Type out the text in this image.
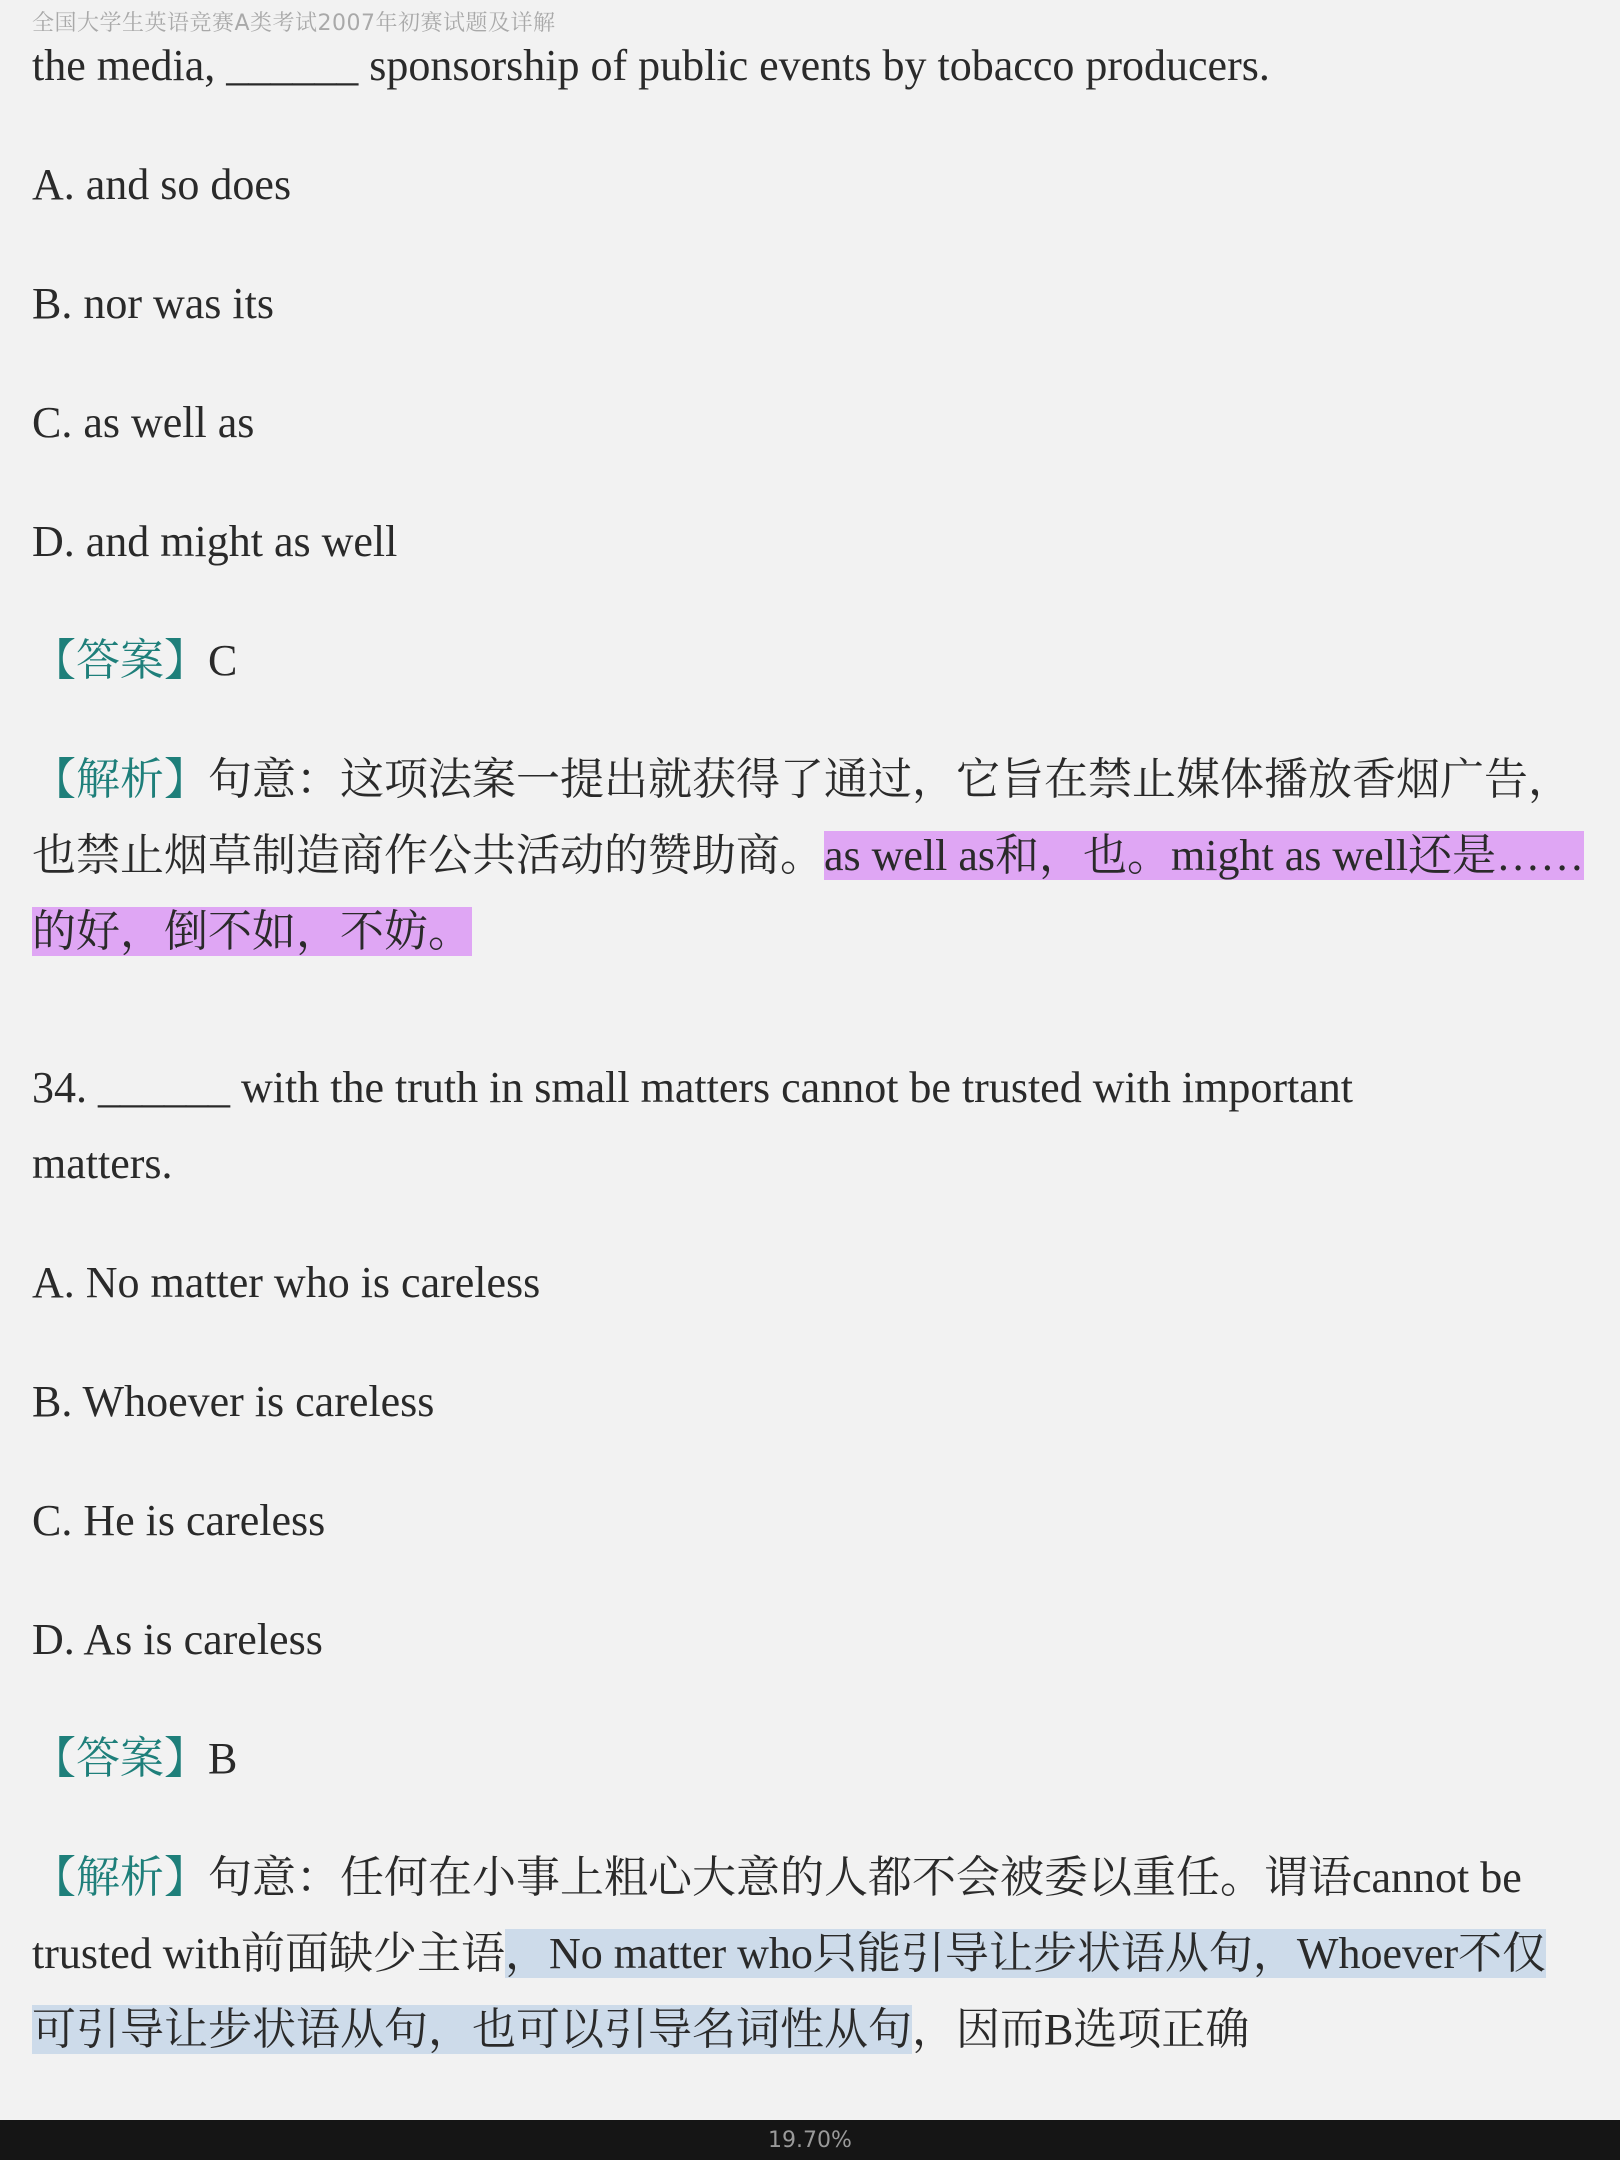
全国大学生英语竞赛A类考试2007年初赛试题及详解
the media, ______ sponsorship of public events by tobacco producers.
A. and so does
B. nor was its
C. as well as
D. and might as well
【答案】C
【解析】句意：这项法案一提出就获得了通过，它旨在禁止媒体播放香烟广告，也禁止烟草制造商作公共活动的赞助商。as well as和，也。might as well还是……的好，倒不如，不妨。
34. ______ with the truth in small matters cannot be trusted with important
matters.
A. No matter who is careless
B. Whoever is careless
C. He is careless
D. As is careless
【答案】B
【解析】句意：任何在小事上粗心大意的人都不会被委以重任。谓语cannot be trusted with前面缺少主语，No matter who只能引导让步状语从句，Whoever不仅可引导让步状语从句，也可以引导名词性从句，因而B选项正确
19.70%
